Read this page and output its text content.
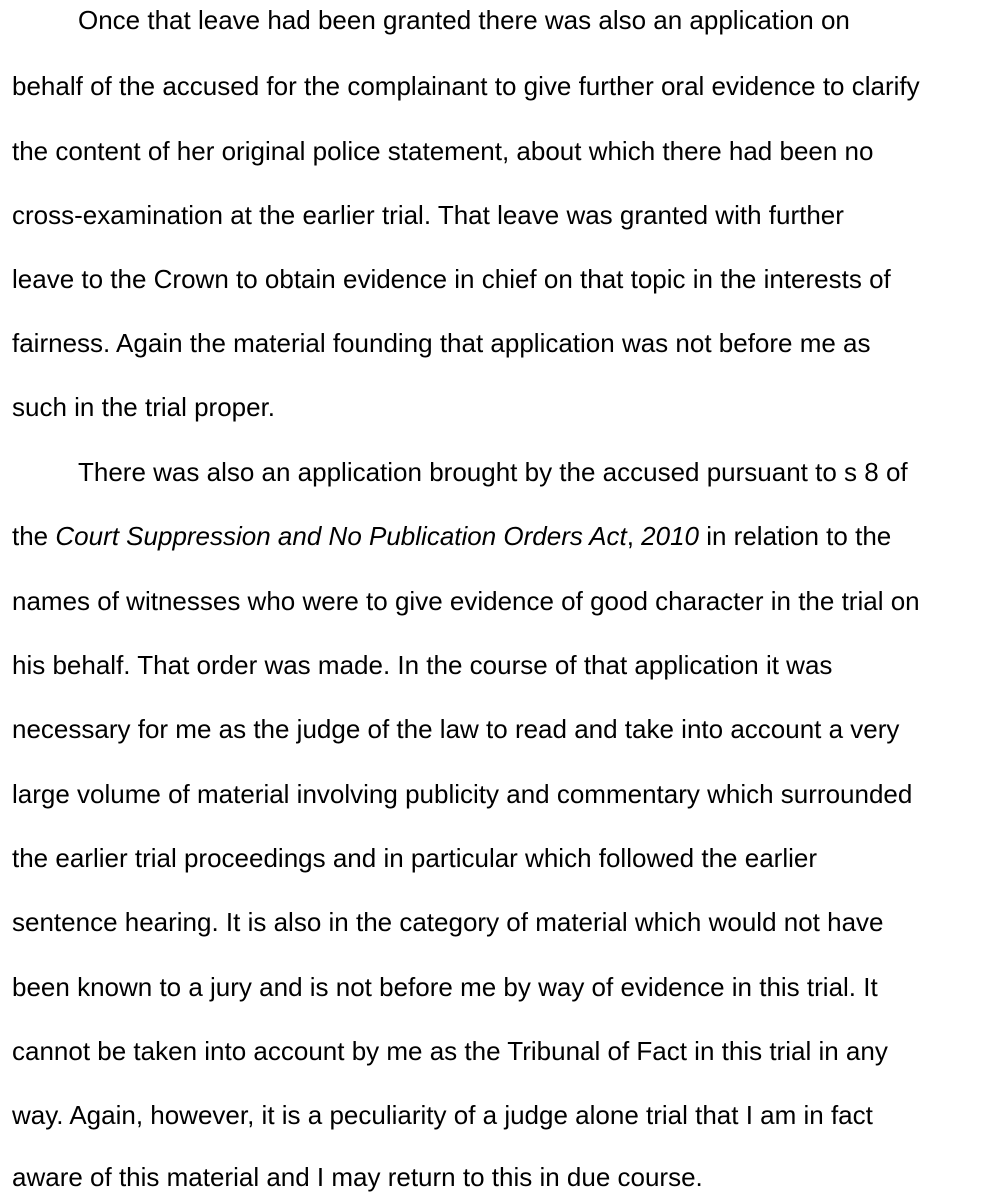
Once that leave had been granted there was also an application on
behalf of the accused for the complainant to give further oral evidence to clarify
the content of her original police statement, about which there had been no
cross-examination at the earlier trial. That leave was granted with further
leave to the Crown to obtain evidence in chief on that topic in the interests of
fairness. Again the material founding that application was not before me as
such in the trial proper.
There was also an application brought by the accused pursuant to s 8 of
the Court Suppression and No Publication Orders Act, 2010 in relation to the
names of witnesses who were to give evidence of good character in the trial on
his behalf. That order was made. In the course of that application it was
necessary for me as the judge of the law to read and take into account a very
large volume of material involving publicity and commentary which surrounded
the earlier trial proceedings and in particular which followed the earlier
sentence hearing. It is also in the category of material which would not have
been known to a jury and is not before me by way of evidence in this trial. It
cannot be taken into account by me as the Tribunal of Fact in this trial in any
way. Again, however, it is a peculiarity of a judge alone trial that I am in fact
aware of this material and I may return to this in due course.
